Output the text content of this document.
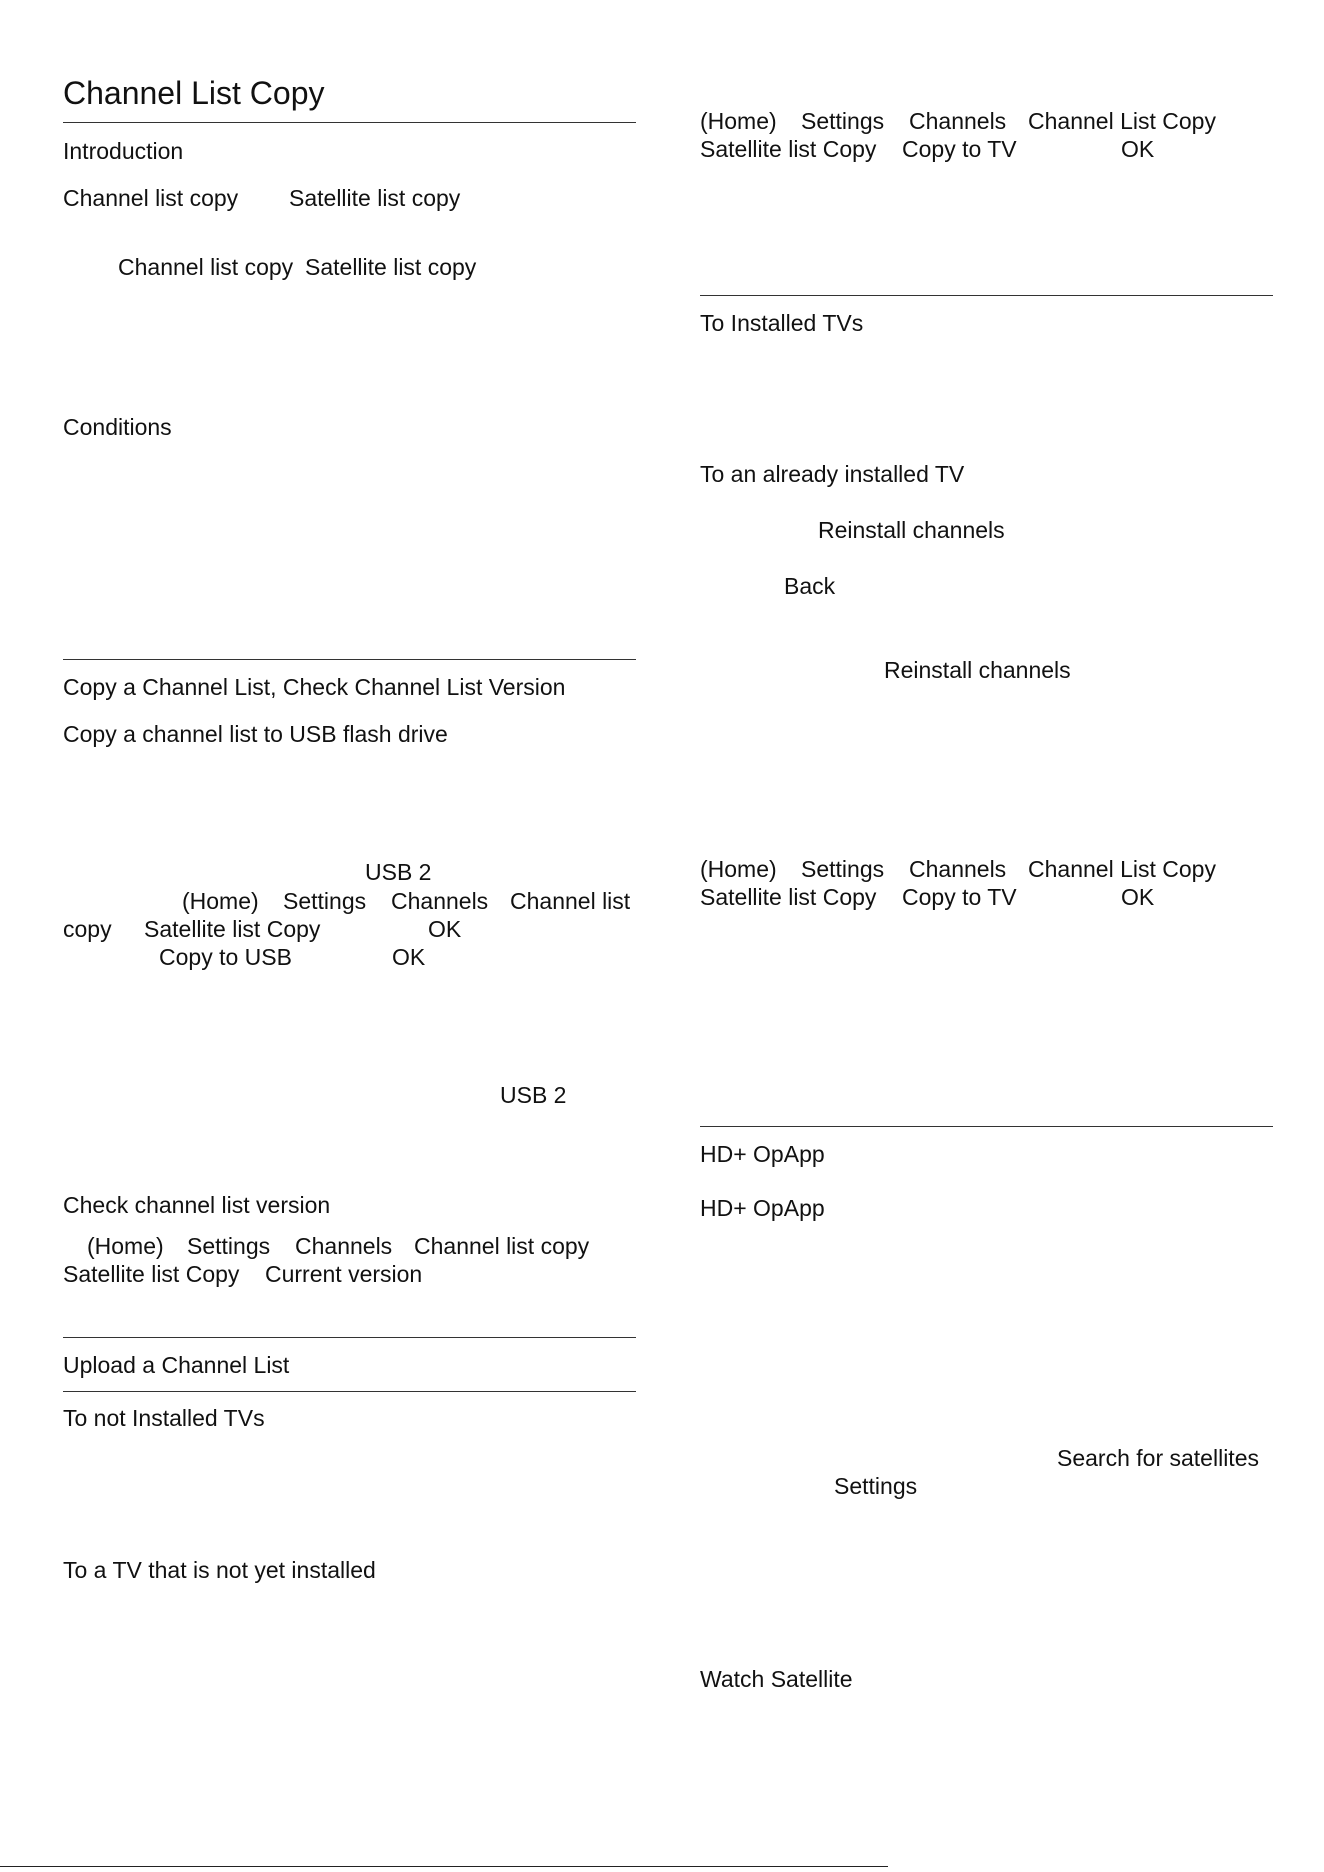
Channel List Copy
Introduction
Channel list copy Satellite list copy
Channel list copy Satellite list copy
Conditions
Copy a Channel List, Check Channel List Version
Copy a channel list to USB flash drive
USB 2
(Home) Settings Channels Channel list
copy Satellite list Copy	OK
Copy to USB	OK
USB 2
Check channel list version
(Home) Settings Channels Channel list copy
Satellite list Copy Current version
Upload a Channel List
To not Installed TVs
To a TV that is not yet installed
(Home) Settings Channels Channel List Copy
Satellite list Copy Copy to TV	OK
To Installed TVs
To an already installed TV
Reinstall channels
Back
Reinstall channels
(Home) Settings Channels Channel List Copy
Satellite list Copy Copy to TV	OK
HD+ OpApp
HD+ OpApp
Search for satellites
Settings
Watch Satellite
